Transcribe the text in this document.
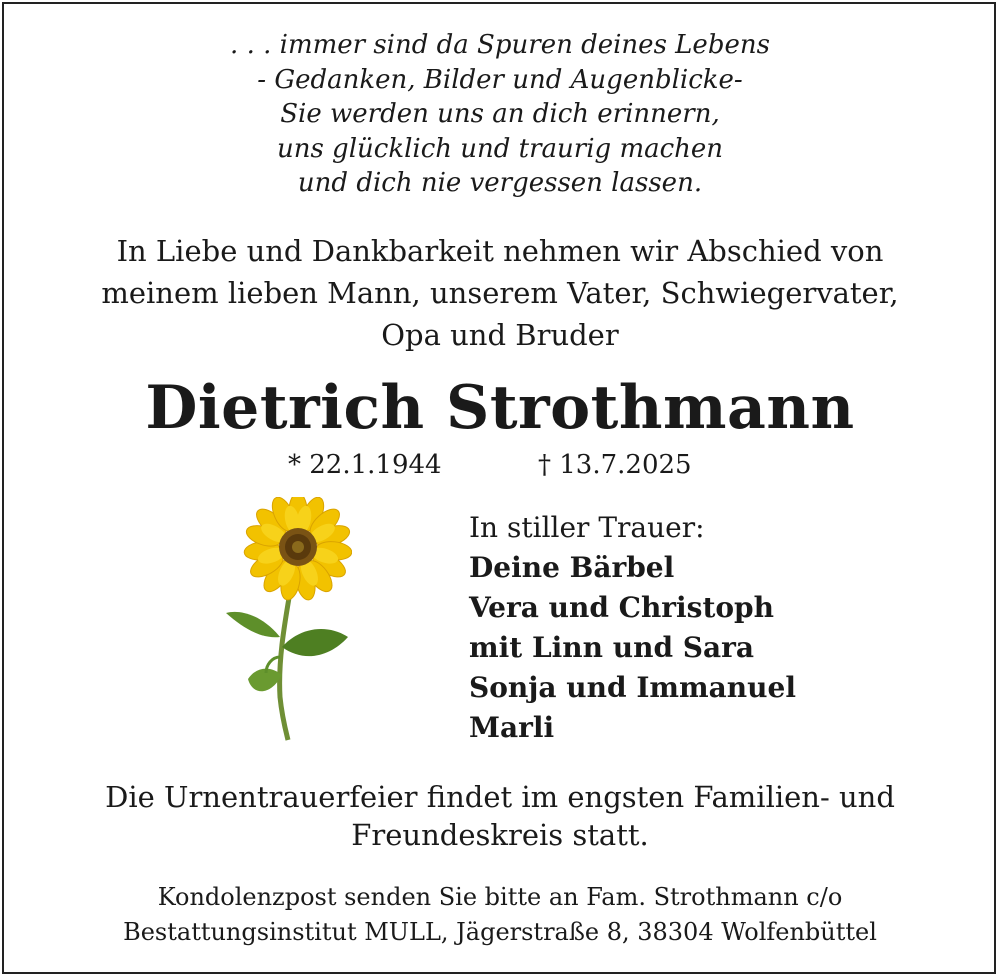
. . . immer sind da Spuren deines Lebens
- Gedanken, Bilder und Augenblicke-
Sie werden uns an dich erinnern,
uns glücklich und traurig machen
und dich nie vergessen lassen.
In Liebe und Dankbarkeit nehmen wir Abschied von
meinem lieben Mann, unserem Vater, Schwiegervater,
Opa und Bruder
Dietrich Strothmann
* 22.1.1944	† 13.7.2025
In stiller Trauer:
Deine Bärbel
Vera und Christoph
mit Linn und Sara
Sonja und Immanuel
Marli
Die Urnentrauerfeier findet im engsten Familien- und
Freundeskreis statt.
Kondolenzpost senden Sie bitte an Fam. Strothmann c/o
Bestattungsinstitut MULL, Jägerstraße 8, 38304 Wolfenbüttel
